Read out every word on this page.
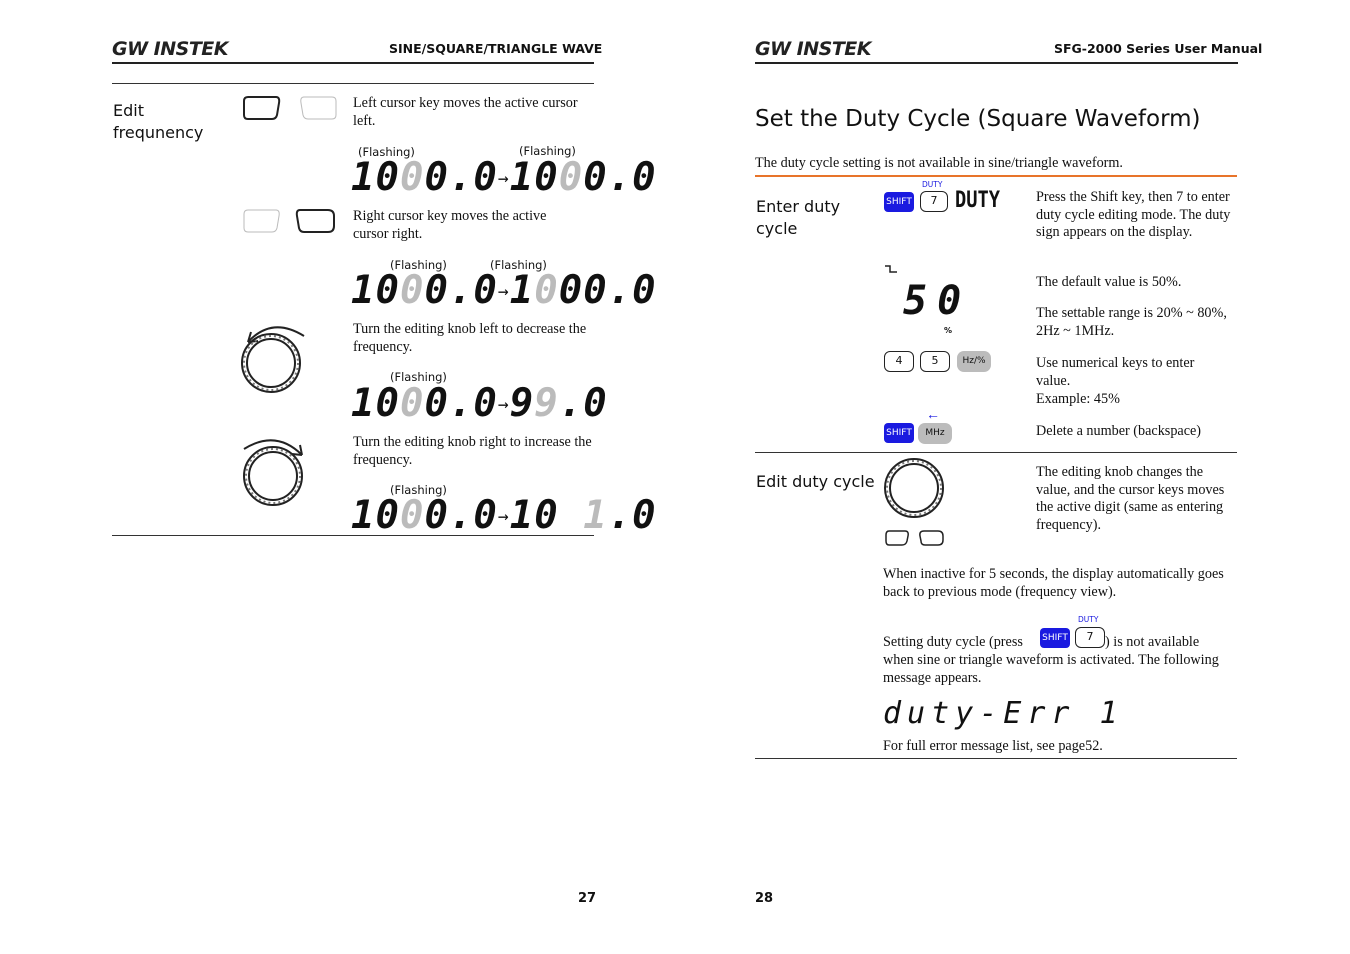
GW INSTEK	SINE/SQUARE/TRIANGLE WAVE
Edit frequnency
Left cursor key moves the active cursor left.
(Flashing)	(Flashing)
1000.0→1000.0
Right cursor key moves the active cursor right.
(Flashing)	(Flashing)
1000.0→1000.0
Turn the editing knob left to decrease the frequency.
(Flashing)
1000.0→99.0
Turn the editing knob right to increase the frequency.
(Flashing)
1000.0→10 1.0
27
GW INSTEK	SFG-2000 Series User Manual
Set the Duty Cycle (Square Waveform)
The duty cycle setting is not available in sine/triangle waveform.
Enter duty cycle
SHIFT
DUTY
7 DUTY	Press the Shift key, then 7 to enter duty cycle editing mode. The duty sign appears on the display.
50
%
The default value is 50%.
The settable range is 20% ~ 80%, 2Hz ~ 1MHz.
4	5	Hz/%	Use numerical keys to enter value.
Example: 45%
←
SHIFT	MHz	Delete a number (backspace)
Edit duty cycle	The editing knob changes the value, and the cursor keys moves the active digit (same as entering frequency).
When inactive for 5 seconds, the display automatically goes back to previous mode (frequency view).
Setting duty cycle (press SHIFT
DUTY
7 ) is not available
when sine or triangle waveform is activated. The following message appears.
duty-Err 1
For full error message list, see page52.
28
